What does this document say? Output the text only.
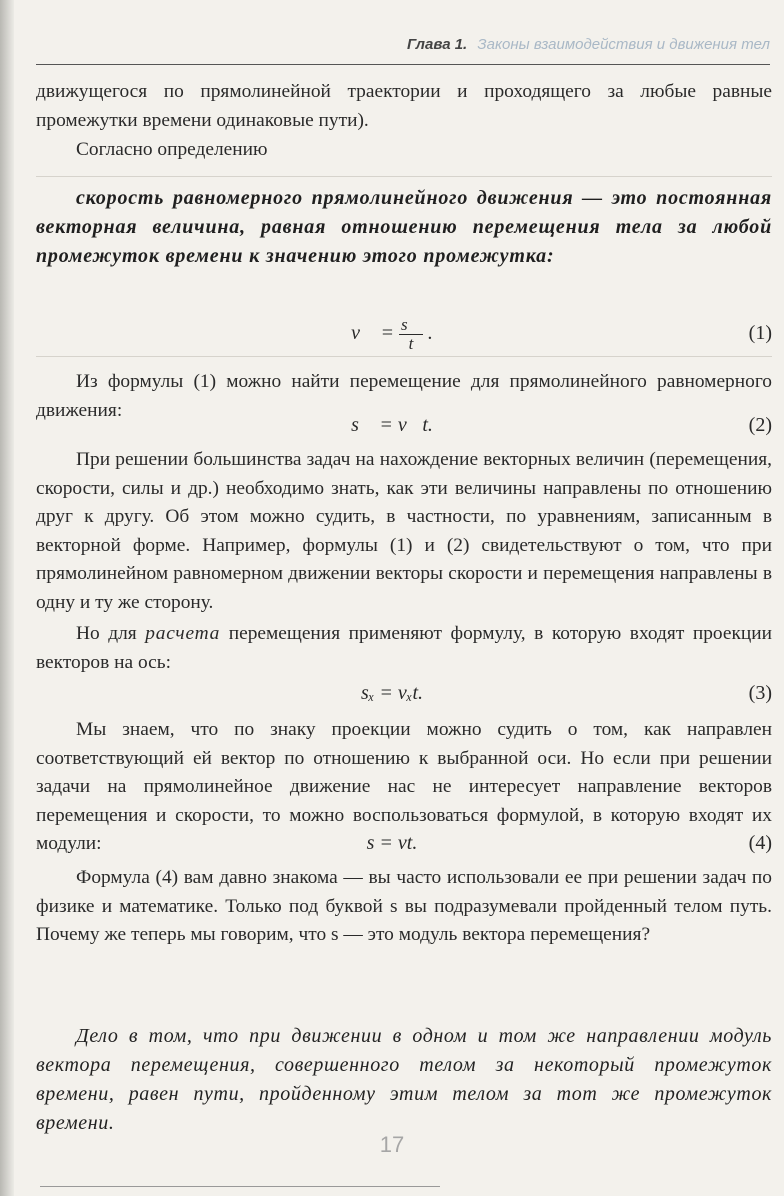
Глава 1. Законы взаимодействия и движения тел
движущегося по прямолинейной траектории и проходящего за любые равные промежутки времени одинаковые пути).
Согласно определению
скорость равномерного прямолинейного движения — это постоянная векторная величина, равная отношению перемещения тела за любой промежуток времени к значению этого промежутка:
v⃗ = $\frac{s⃗}{t}$ .	(1)
Из формулы (1) можно найти перемещение для прямолинейного равномерного движения:
s⃗ = v⃗t.	(2)
При решении большинства задач на нахождение векторных величин (перемещения, скорости, силы и др.) необходимо знать, как эти величины направлены по отношению друг к другу. Об этом можно судить, в частности, по уравнениям, записанным в векторной форме. Например, формулы (1) и (2) свидетельствуют о том, что при прямолинейном равномерном движении векторы скорости и перемещения направлены в одну и ту же сторону.
Но для расчета перемещения применяют формулу, в которую входят проекции векторов на ось:
sₓ = vₓt.	(3)
Мы знаем, что по знаку проекции можно судить о том, как направлен соответствующий ей вектор по отношению к выбранной оси. Но если при решении задачи на прямолинейное движение нас не интересует направление векторов перемещения и скорости, то можно воспользоваться формулой, в которую входят их модули:	s = vt.	(4)
Формула (4) вам давно знакома — вы часто использовали ее при решении задач по физике и математике. Только под буквой s вы подразумевали пройденный телом путь. Почему же теперь мы говорим, что s — это модуль вектора перемещения?
Дело в том, что при движении в одном и том же направлении модуль вектора перемещения, совершенного телом за некоторый промежуток времени, равен пути, пройденному этим телом за тот же промежуток времени.
17
